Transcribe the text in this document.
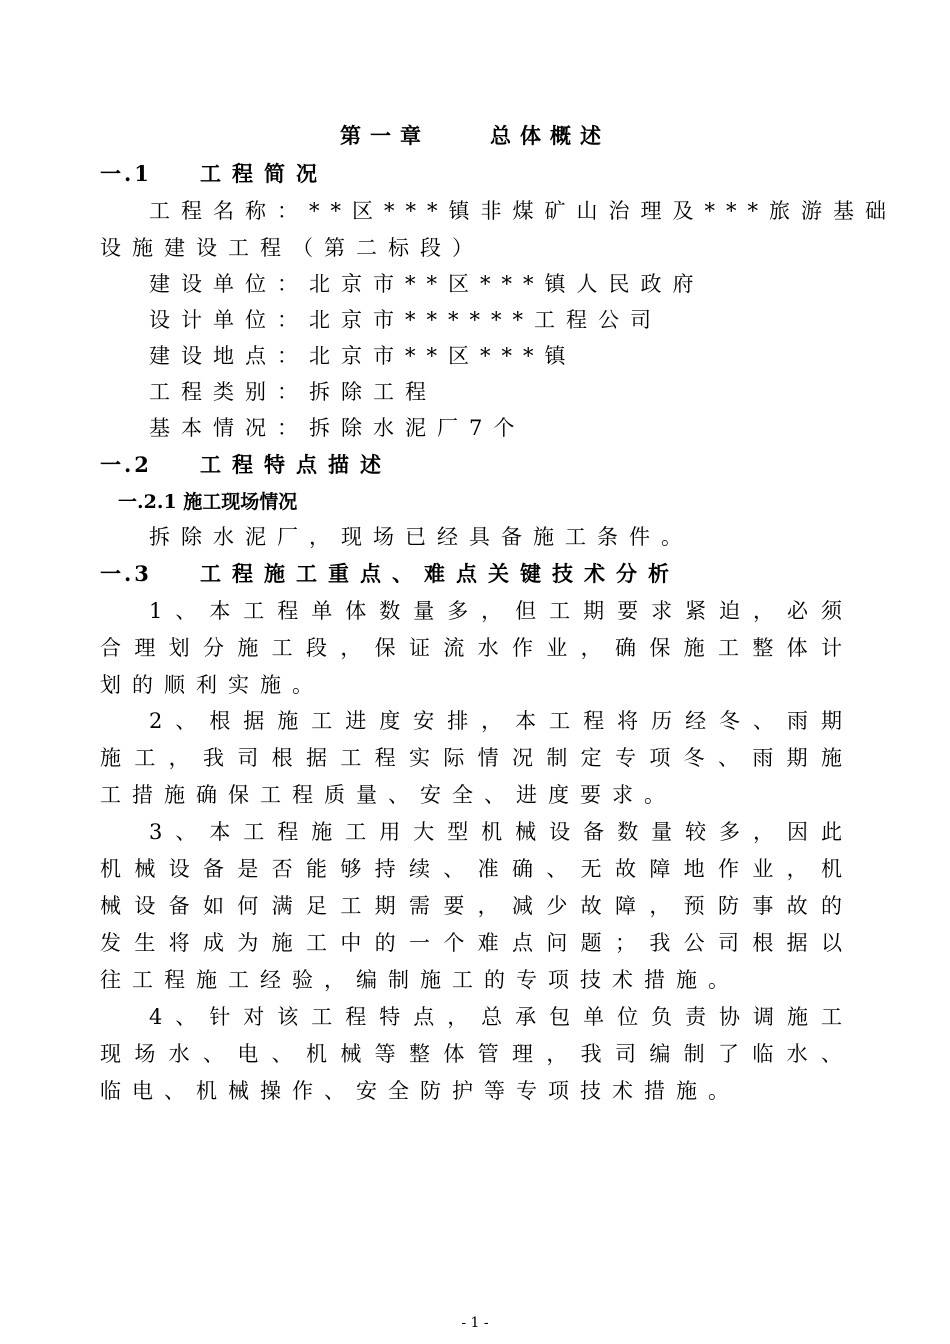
第一章　　总体概述
一.1 工程简况
工程名称：**区***镇非煤矿山治理及***旅游基础
设施建设工程（第二标段）
建设单位：北京市**区***镇人民政府
设计单位：北京市******工程公司
建设地点：北京市**区***镇
工程类别：拆除工程
基本情况：拆除水泥厂7个
一.2 工程特点描述
一.2.1 施工现场情况
拆除水泥厂，现场已经具备施工条件。
一.3 工程施工重点、难点关键技术分析
1、本工程单体数量多，但工期要求紧迫，必须
合理划分施工段，保证流水作业，确保施工整体计
划的顺利实施。
2、根据施工进度安排，本工程将历经冬、雨期
施工，我司根据工程实际情况制定专项冬、雨期施
工措施确保工程质量、安全、进度要求。
3、本工程施工用大型机械设备数量较多，因此
机械设备是否能够持续、准确、无故障地作业，机
械设备如何满足工期需要，减少故障，预防事故的
发生将成为施工中的一个难点问题；我公司根据以
往工程施工经验，编制施工的专项技术措施。
4、针对该工程特点，总承包单位负责协调施工
现场水、电、机械等整体管理，我司编制了临水、
临电、机械操作、安全防护等专项技术措施。
- 1 -
